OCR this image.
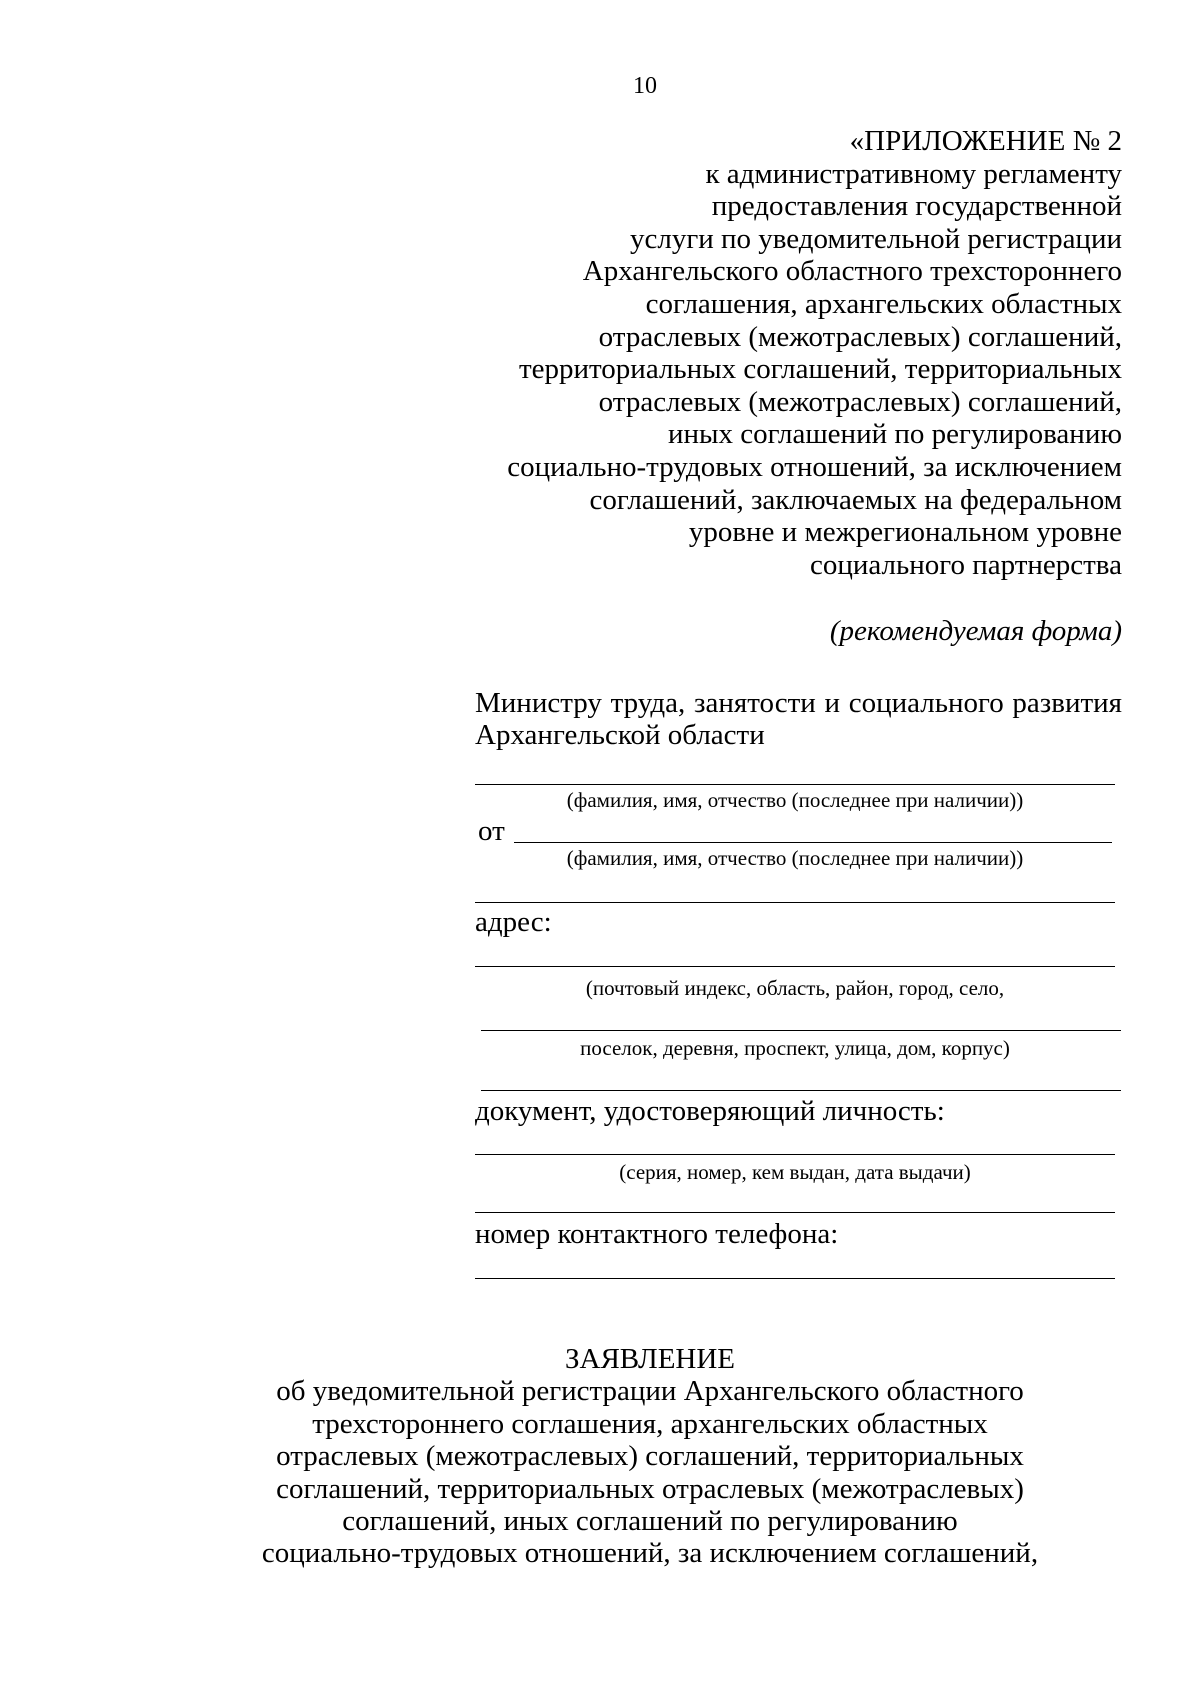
10
«ПРИЛОЖЕНИЕ № 2
к административному регламенту
предоставления государственной
услуги по уведомительной регистрации
Архангельского областного трехстороннего
соглашения, архангельских областных
отраслевых (межотраслевых) соглашений,
территориальных соглашений, территориальных
отраслевых (межотраслевых) соглашений,
иных соглашений по регулированию
социально-трудовых отношений, за исключением
соглашений, заключаемых на федеральном
уровне и межрегиональном уровне
социального партнерства
(рекомендуемая форма)
Министру труда, занятости и социального развития
Архангельской области
(фамилия, имя, отчество (последнее при наличии))
от
(фамилия, имя, отчество (последнее при наличии))
адрес:
(почтовый индекс, область, район, город, село,
поселок, деревня, проспект, улица, дом, корпус)
документ, удостоверяющий личность:
(серия, номер, кем выдан, дата выдачи)
номер контактного телефона:
ЗАЯВЛЕНИЕ
об уведомительной регистрации Архангельского областного
трехстороннего соглашения, архангельских областных
отраслевых (межотраслевых) соглашений, территориальных
соглашений, территориальных отраслевых (межотраслевых)
соглашений, иных соглашений по регулированию
социально-трудовых отношений, за исключением соглашений,
